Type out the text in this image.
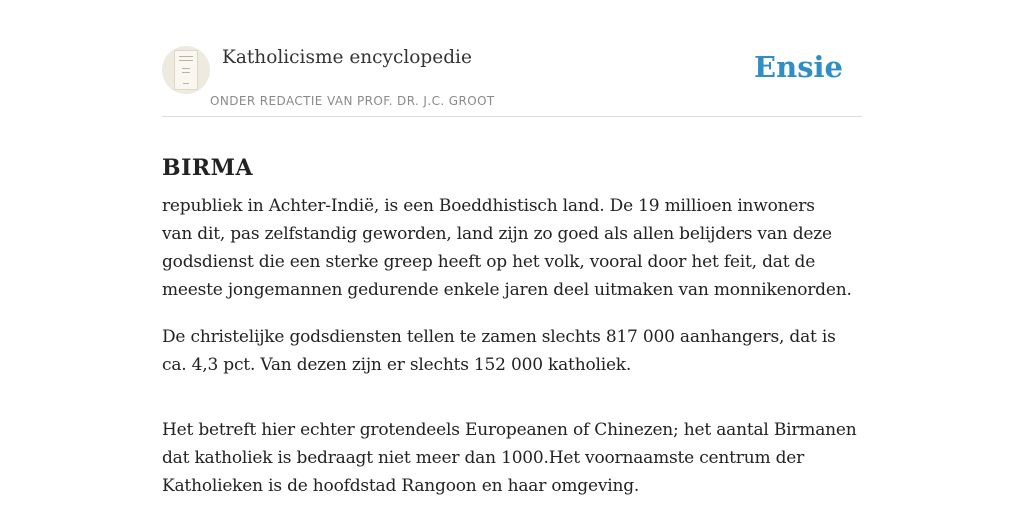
Katholicisme encyclopedie
ONDER REDACTIE VAN PROF. DR. J.C. GROOT
Ensie
BIRMA

republiek in Achter-Indië, is een Boeddhistisch land. De 19 millioen inwoners
van dit, pas zelfstandig geworden, land zijn zo goed als allen belijders van deze
godsdienst die een sterke greep heeft op het volk, vooral door het feit, dat de
meeste jongemannen gedurende enkele jaren deel uitmaken van monnikenorden.

De christelijke godsdiensten tellen te zamen slechts 817 000 aanhangers, dat is
ca. 4,3 pct. Van dezen zijn er slechts 152 000 katholiek.

Het betreft hier echter grotendeels Europeanen of Chinezen; het aantal Birmanen
dat katholiek is bedraagt niet meer dan 1000.Het voornaamste centrum der
Katholieken is de hoofdstad Rangoon en haar omgeving.
